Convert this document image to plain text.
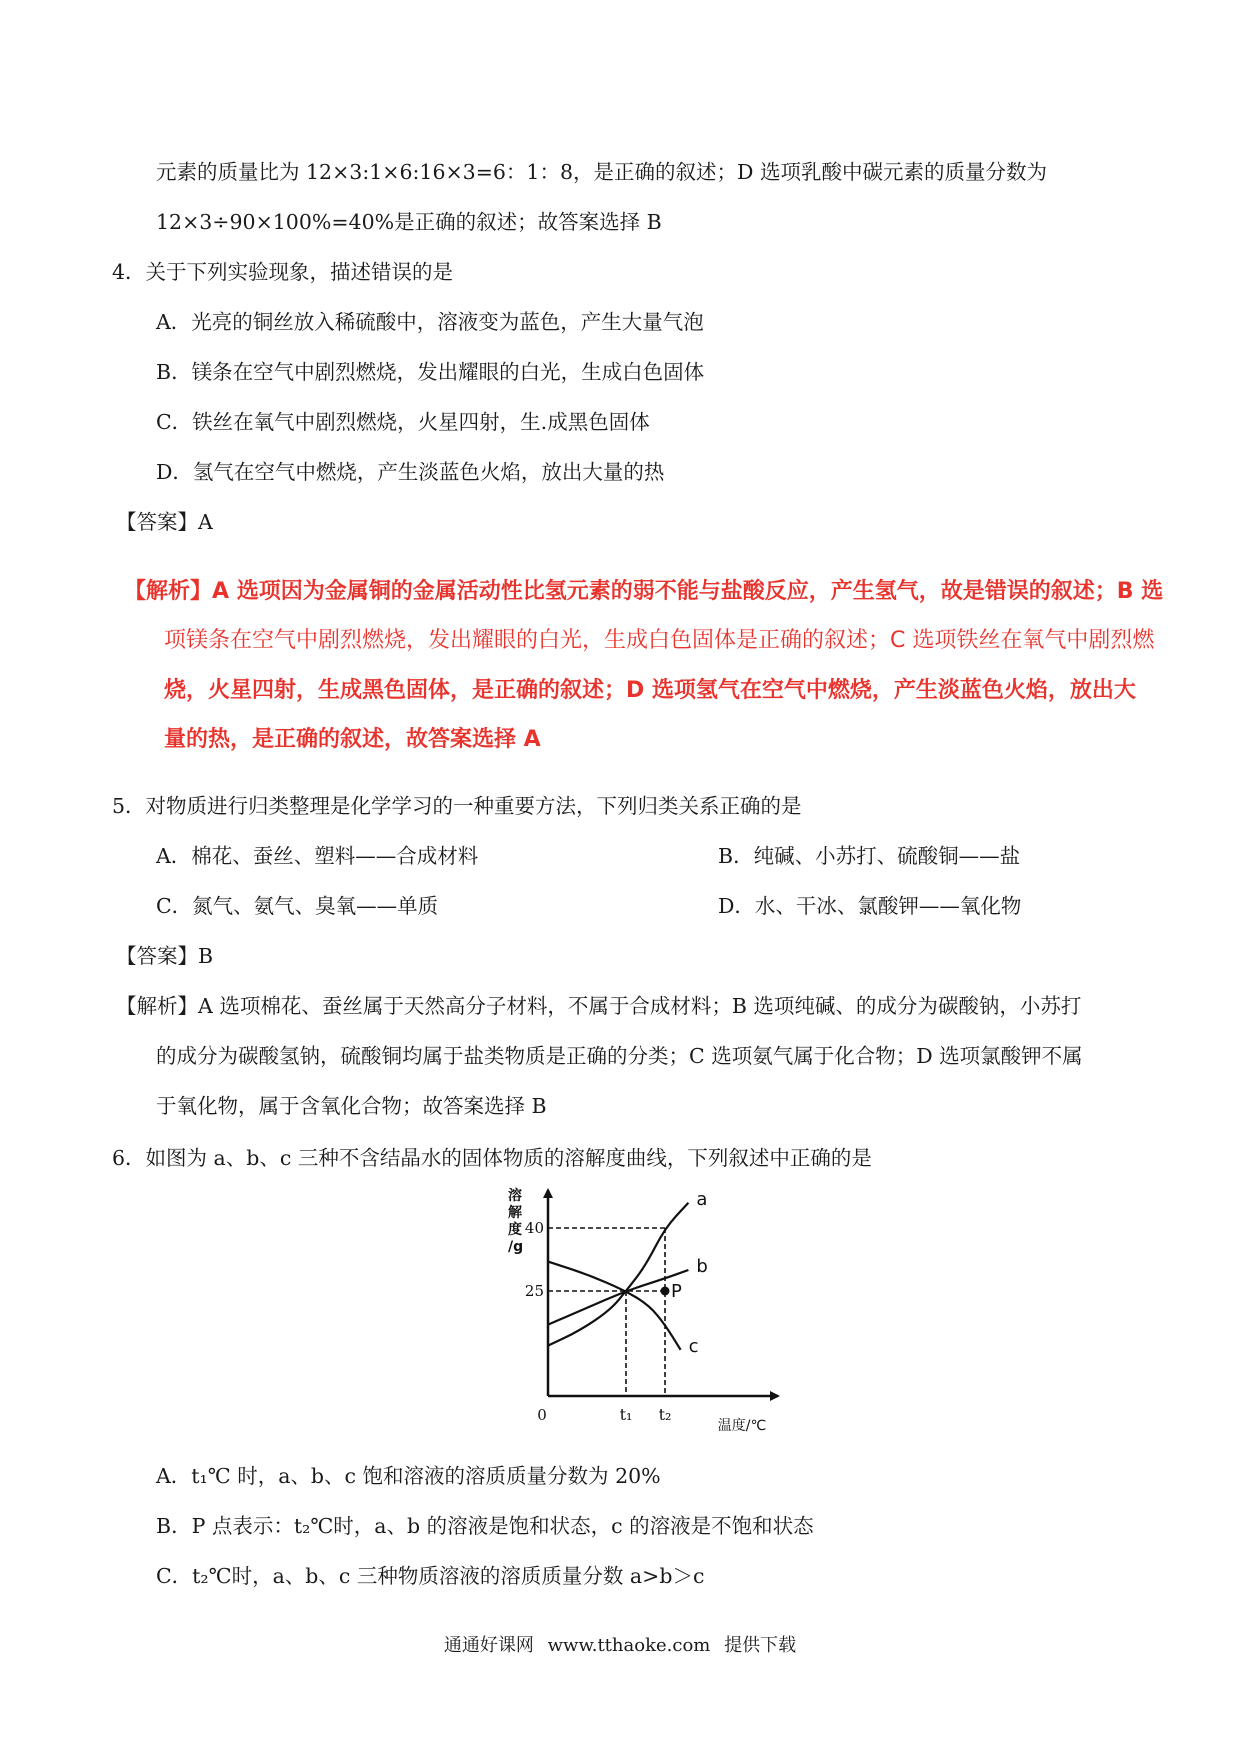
元素的质量比为 12×3:1×6:16×3=6：1：8，是正确的叙述；D 选项乳酸中碳元素的质量分数为
12×3÷90×100%=40%是正确的叙述；故答案选择 B
4．关于下列实验现象，描述错误的是
A．光亮的铜丝放入稀硫酸中，溶液变为蓝色，产生大量气泡
B．镁条在空气中剧烈燃烧，发出耀眼的白光，生成白色固体
C．铁丝在氧气中剧烈燃烧，火星四射，生.成黑色固体
D．氢气在空气中燃烧，产生淡蓝色火焰，放出大量的热
【答案】A
【解析】A 选项因为金属铜的金属活动性比氢元素的弱不能与盐酸反应，产生氢气，故是错误的叙述；B 选
项镁条在空气中剧烈燃烧，发出耀眼的白光，生成白色固体是正确的叙述；C 选项铁丝在氧气中剧烈燃
烧，火星四射，生成黑色固体，是正确的叙述；D 选项氢气在空气中燃烧，产生淡蓝色火焰，放出大
量的热，是正确的叙述，故答案选择 A
5．对物质进行归类整理是化学学习的一种重要方法，下列归类关系正确的是
A．棉花、蚕丝、塑料——合成材料	B．纯碱、小苏打、硫酸铜——盐
C．氮气、氨气、臭氧——单质	D．水、干冰、氯酸钾——氧化物
【答案】B
【解析】A 选项棉花、蚕丝属于天然高分子材料，不属于合成材料；B 选项纯碱、的成分为碳酸钠，小苏打
的成分为碳酸氢钠，硫酸铜均属于盐类物质是正确的分类；C 选项氨气属于化合物；D 选项氯酸钾不属
于氧化物，属于含氧化合物；故答案选择 B
6．如图为 a、b、c 三种不含结晶水的固体物质的溶解度曲线，下列叙述中正确的是
a
b
c
P
溶解度/g
40
25
0	t₁ t₂
温度/℃
A．t₁℃ 时，a、b、c 饱和溶液的溶质质量分数为 20%
B．P 点表示：t₂℃时，a、b 的溶液是饱和状态，c 的溶液是不饱和状态
C．t₂℃时，a、b、c 三种物质溶液的溶质质量分数 a>b＞c
通通好课网 www.tthaoke.com 提供下载
